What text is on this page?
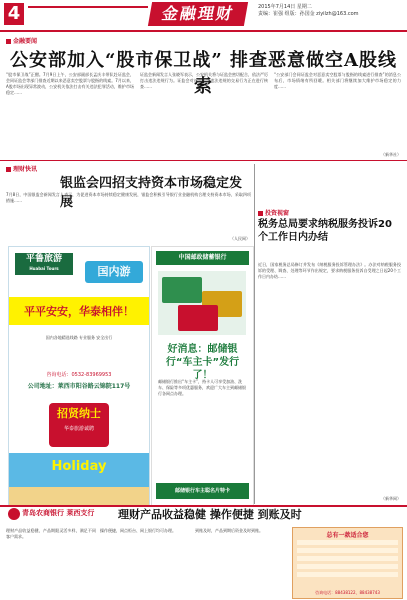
4	金融理财	2015年7月14日 星期二
责编：崔强 组版：孙国金 ziyilzh@163.com
金融要闻
公安部加入“股市保卫战” 排查恶意做空A股线索
“股市保卫战”正酣。7月9日上午，公安部副部长孟庆丰带队赴证监会，会同证监会等部门排查近期以来恶意卖空股票与股指的线索。7月以来，A股市场出现异常波动，公安机关依法打击有关违法犯罪活动，维护市场稳定……
证监会新闻发言人张晓军表示，公安机关将与证监会密切配合，依法严厉打击违法违规行为。证监会对近期涉嫌违法违规的交易行为正在进行核查……
“公安部门会同证监会对恶意卖空股票与股指的线索进行排查”的消息公布后，市场情绪有所回暖。相关部门将继续加大维护市场稳定的力度……
（新华社）
理财快讯
银监会四招支持资本市场稳定发展
7月8日，中国银监会新闻发言人表示，为促进资本市场持续稳定健康发展，银监会积极引导银行业金融机构合理支持资本市场，采取四项措施……
（人民网）
投资视窗
税务总局要求纳税服务投诉20个工作日内办结
近日，国家税务总局修订并发布《纳税服务投诉管理办法》。办法对纳税服务投诉的受理、调查、处理等环节作出规定，要求纳税服务投诉自受理之日起20个工作日内办结……
（新华网）
平鲁旅游
Huabai Tours	国内游
平平安安，华泰相伴！
国内各地精选线路 专业服务 安全出行
咨询电话：0532-83969953
公司地址：莱西市阳谷路云锦院117号
招贤纳士
华泰旅游诚聘
Holiday
中国邮政储蓄银行
好消息：邮储银行“车主卡”发行了！
邮储银行推出“车主卡”，持卡人可享受加油、洗车、保险等多项优惠服务，欢迎广大车主到邮储银行各网点办理。
邮储银行车主聪名片特卡
青岛农商银行 莱西支行 理财产品收益稳健 操作便捷 到账及时
理财产品收益稳健，产品期限灵活多样，满足不同客户需求。
操作便捷，网点柜台、网上银行均可办理。	到账及时，产品到期后资金及时到账。
总有一款适合您
咨询电话：88438122、88438743
